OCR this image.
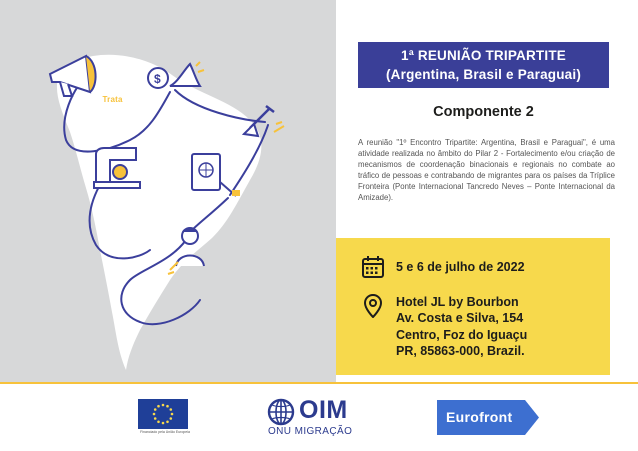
$
#AlertaTrata
1ª REUNIÃO TRIPARTITE
(Argentina, Brasil e Paraguai)
Componente 2
A reunião "1º Encontro Tripartite: Argentina, Brasil e Paraguai", é uma atividade realizada no âmbito do Pilar 2 - Fortalecimento e/ou criação de mecanismos de coordenação binacionais e regionais no combate ao tráfico de pessoas e contrabando de migrantes para os países da Tríplice Fronteira (Ponte Internacional Tancredo Neves – Ponte Internacional da Amizade).
5 e 6 de julho de 2022
Hotel JL by Bourbon
Av. Costa e Silva, 154
Centro, Foz do Iguaçu
PR, 85863-000, Brazil.
Financiado pela União Europeia
OIM
ONU MIGRAÇÃO
Eurofront
